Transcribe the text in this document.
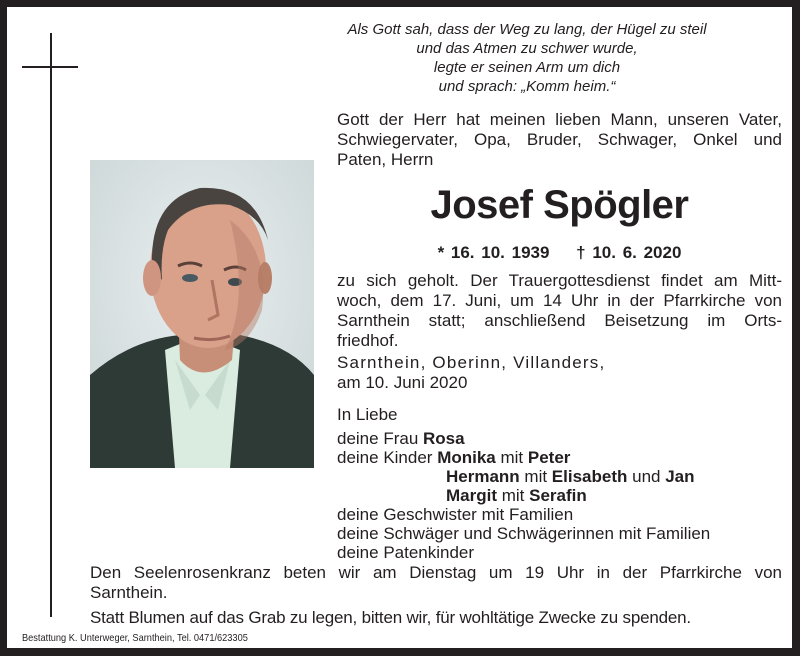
Als Gott sah, dass der Weg zu lang, der Hügel zu steil
und das Atmen zu schwer wurde,
legte er seinen Arm um dich
und sprach: „Komm heim.“
Gott der Herr hat meinen lieben Mann, unseren Vater,
Schwiegervater, Opa, Bruder, Schwager, Onkel und
Paten, Herrn
Josef Spögler
* 16. 10. 1939 † 10. 6. 2020
zu sich geholt. Der Trauergottesdienst findet am Mitt-
woch, dem 17. Juni, um 14 Uhr in der Pfarrkirche von
Sarnthein statt; anschließend Beisetzung im Orts-
friedhof.
Sarnthein, Oberinn, Villanders,
am 10. Juni 2020
In Liebe
deine Frau Rosa
deine Kinder Monika mit Peter
Hermann mit Elisabeth und Jan
Margit mit Serafin
deine Geschwister mit Familien
deine Schwäger und Schwägerinnen mit Familien
deine Patenkinder
Den Seelenrosenkranz beten wir am Dienstag um 19 Uhr in der Pfarrkirche von
Sarnthein.
Statt Blumen auf das Grab zu legen, bitten wir, für wohltätige Zwecke zu spenden.
Bestattung K. Unterweger, Sarnthein, Tel. 0471/623305
